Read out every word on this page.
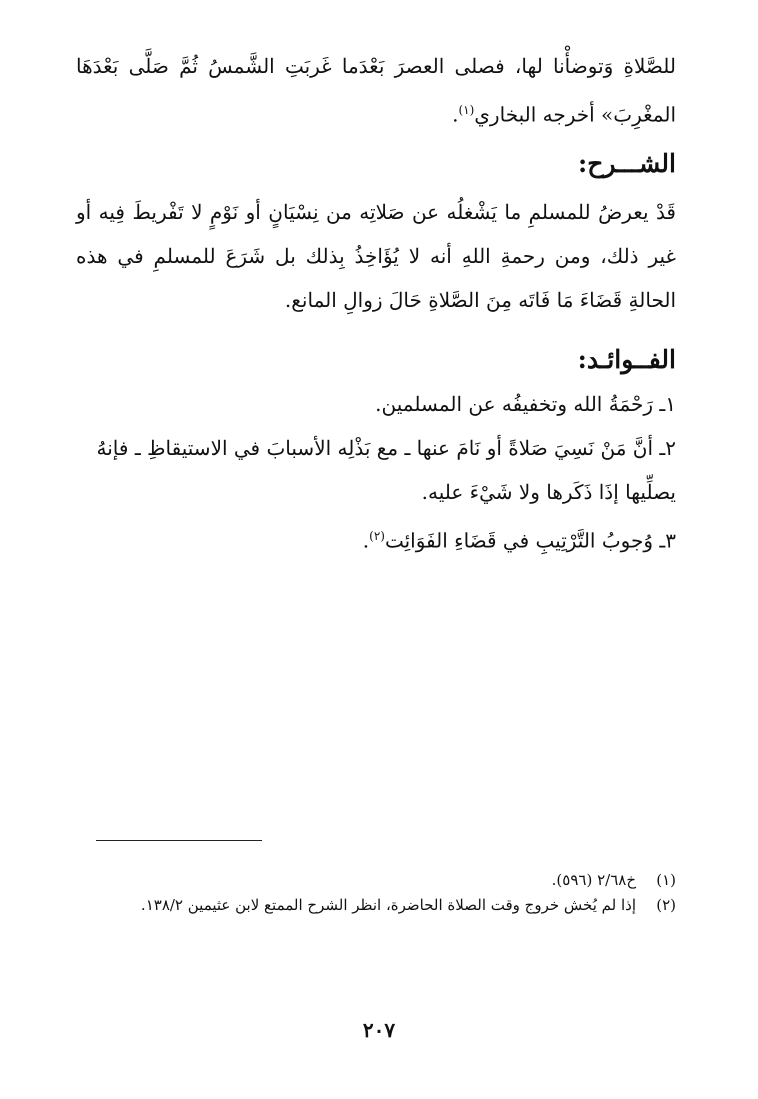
للصَّلاةِ وَتوضأْنا لها، فصلى العصرَ بَعْدَما غَربَتِ الشَّمسُ ثُمَّ صَلَّى بَعْدَهَا المغْرِبَ» أخرجه البخاري$^{(١)}$.

الشـــرح:

قَدْ يعرضُ للمسلمِ ما يَشْغلُه عن صَلاتِه من نِسْيَانٍ أو نَوْمٍ لا تَفْريطَ فِيه أو غير ذلك، ومن رحمةِ اللهِ أنه لا يُؤَاخِذُ بِذلك بل شَرَعَ للمسلمِ في هذه الحالةِ قَضَاءَ مَا فَاتَه مِنَ الصَّلاةِ حَالَ زوالِ المانع.

الفــوائـد:
١ـ رَحْمَةُ الله وتخفيفُه عن المسلمين.
٢ـ أنَّ مَنْ نَسِيَ صَلاةً أو نَامَ عنها ـ مع بَذْلِه الأسبابَ في الاستيقاظِ ـ فإنهُ يصلِّيها إذَا ذَكَرها ولا شَيْءَ عليه.
٣ـ وُجوبُ التَّرْتِيبِ في قَضَاءِ الفَوَائِت$^{(٢)}$.
(١)خ٢/٦٨ (٥٩٦).
(٢)إذا لم يُخش خروج وقت الصلاة الحاضرة، انظر الشرح الممتع لابن عثيمين ١٣٨/٢.
٢٠٧
